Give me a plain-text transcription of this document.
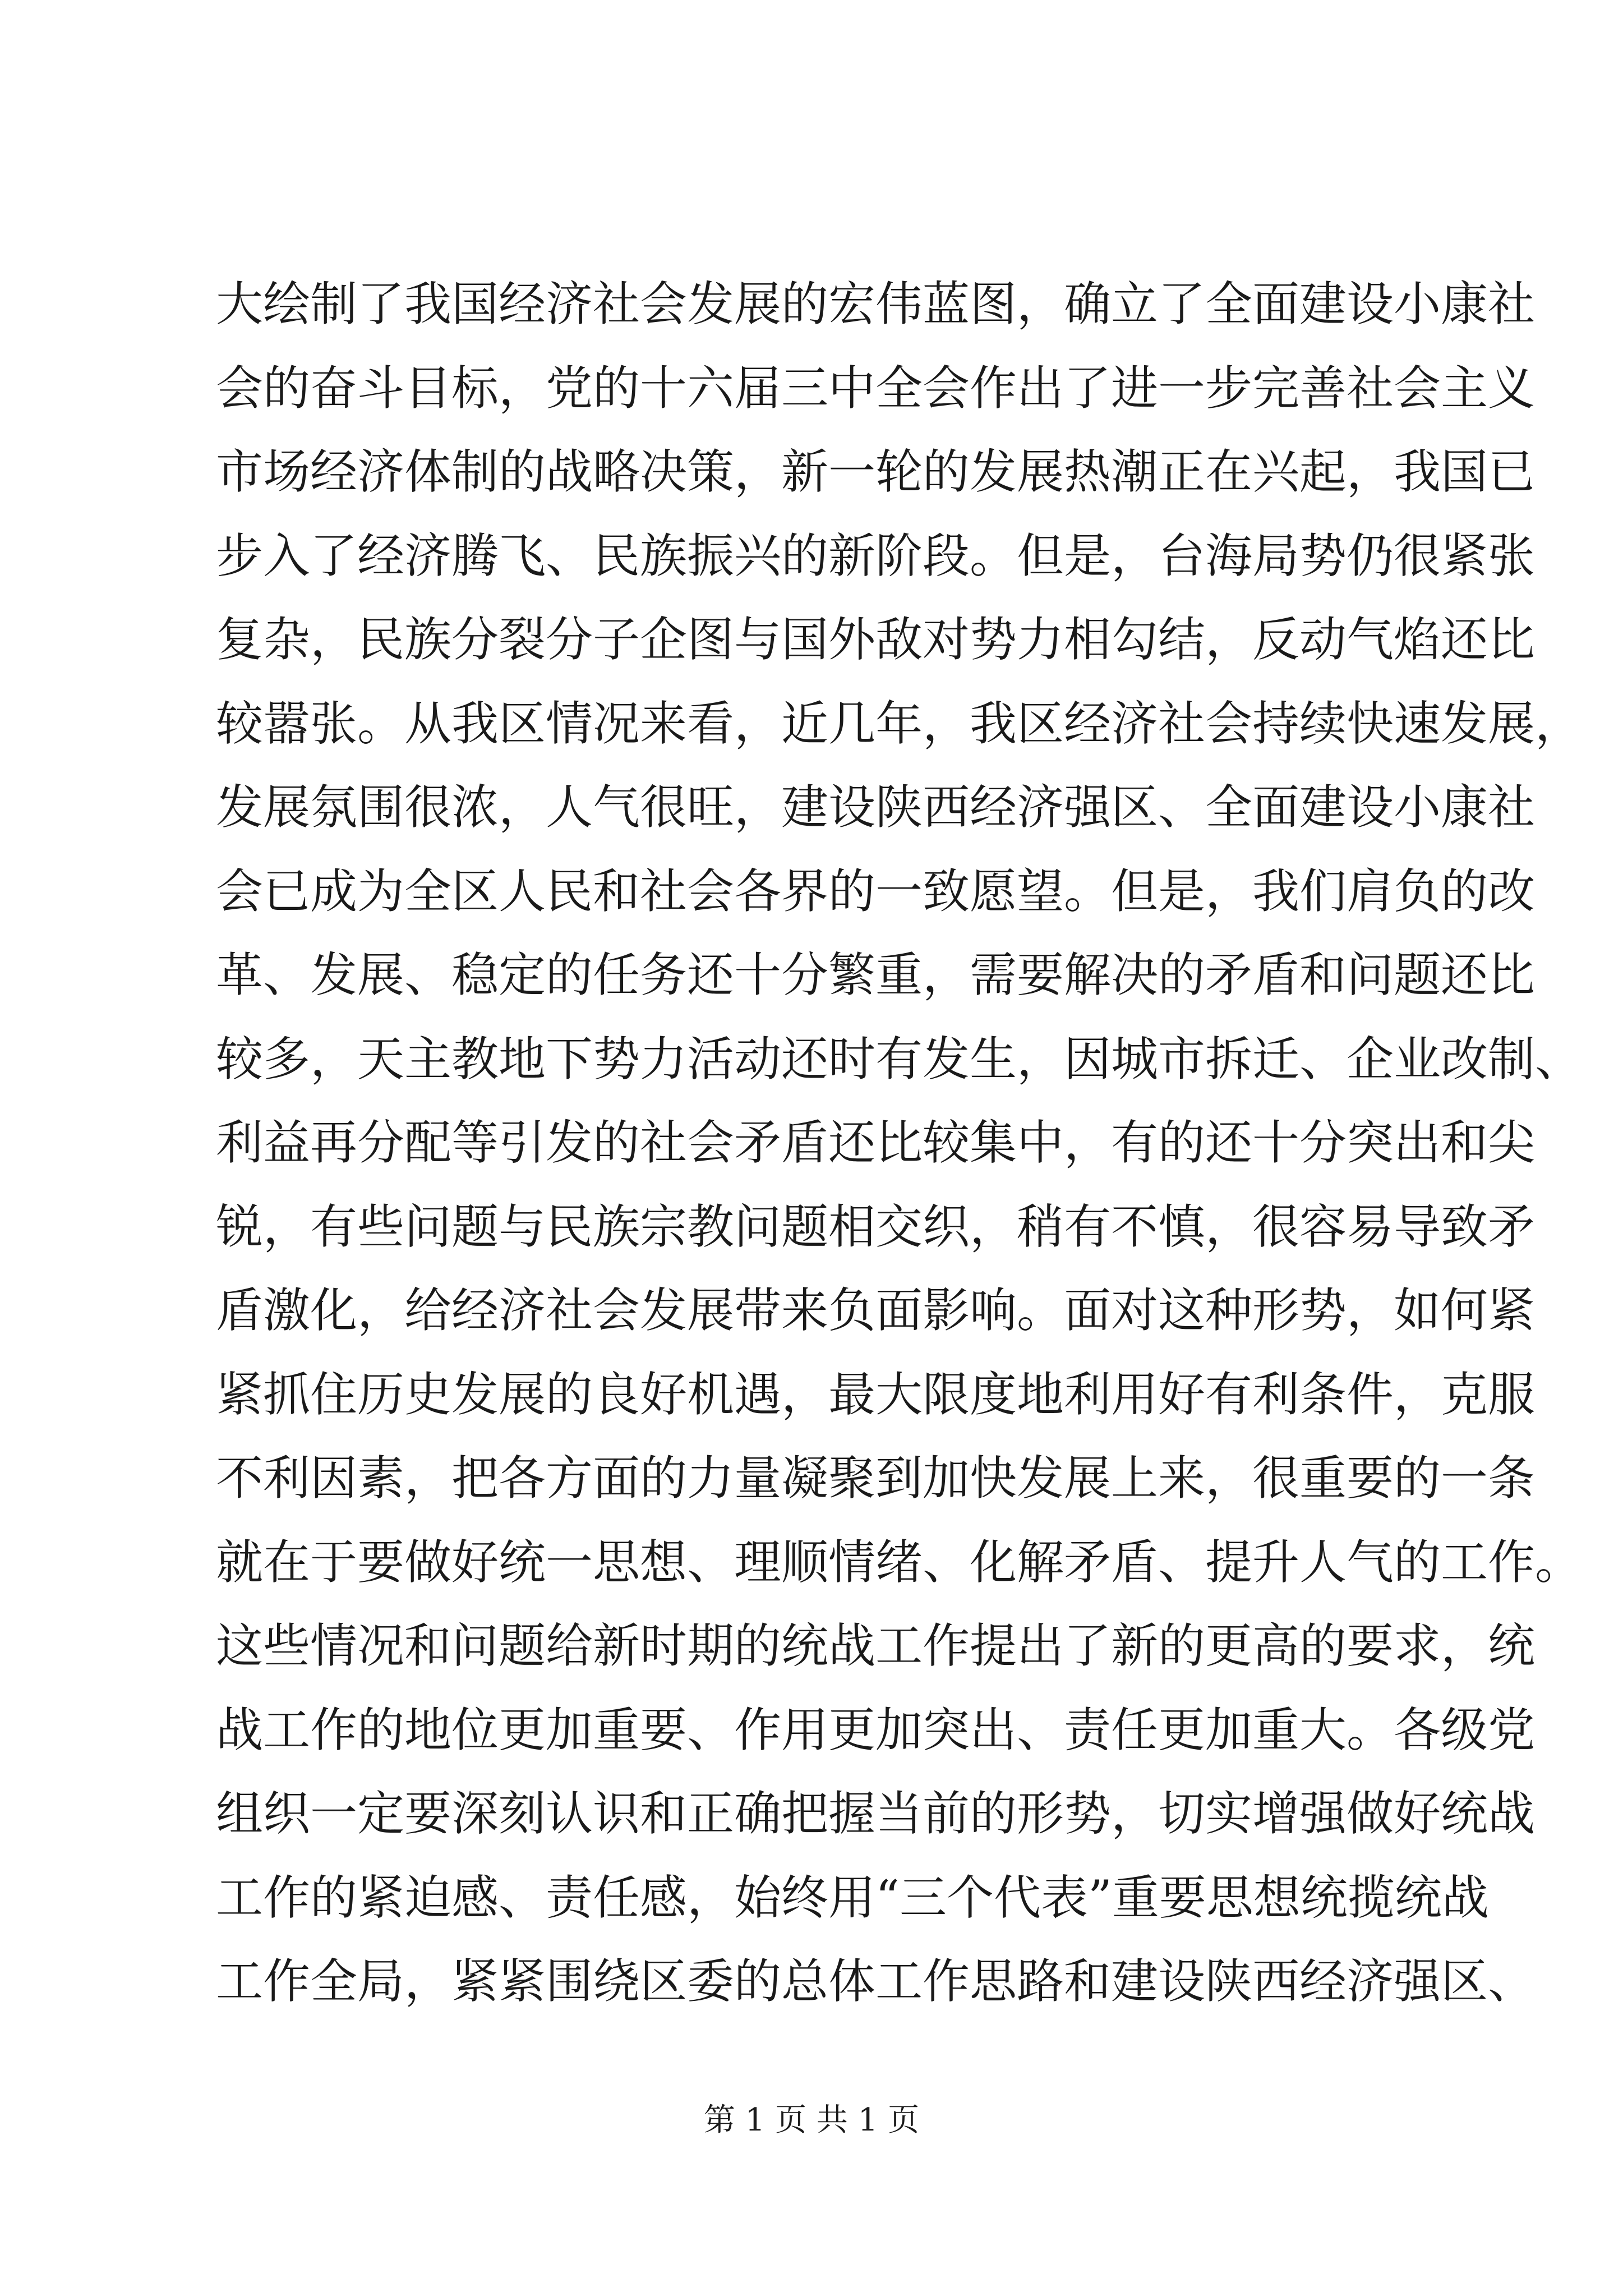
大绘制了我国经济社会发展的宏伟蓝图，确立了全面建设小康社
会的奋斗目标，党的十六届三中全会作出了进一步完善社会主义
市场经济体制的战略决策，新一轮的发展热潮正在兴起，我国已
步入了经济腾飞、民族振兴的新阶段。但是，台海局势仍很紧张
复杂，民族分裂分子企图与国外敌对势力相勾结，反动气焰还比
较嚣张。从我区情况来看，近几年，我区经济社会持续快速发展，
发展氛围很浓，人气很旺，建设陕西经济强区、全面建设小康社
会已成为全区人民和社会各界的一致愿望。但是，我们肩负的改
革、发展、稳定的任务还十分繁重，需要解决的矛盾和问题还比
较多，天主教地下势力活动还时有发生，因城市拆迁、企业改制、
利益再分配等引发的社会矛盾还比较集中，有的还十分突出和尖
锐，有些问题与民族宗教问题相交织，稍有不慎，很容易导致矛
盾激化，给经济社会发展带来负面影响。面对这种形势，如何紧
紧抓住历史发展的良好机遇，最大限度地利用好有利条件，克服
不利因素，把各方面的力量凝聚到加快发展上来，很重要的一条
就在于要做好统一思想、理顺情绪、化解矛盾、提升人气的工作。
这些情况和问题给新时期的统战工作提出了新的更高的要求，统
战工作的地位更加重要、作用更加突出、责任更加重大。各级党
组织一定要深刻认识和正确把握当前的形势，切实增强做好统战
工作的紧迫感、责任感，始终用“三个代表”重要思想统揽统战
工作全局，紧紧围绕区委的总体工作思路和建设陕西经济强区、
第 1 页 共 1 页
